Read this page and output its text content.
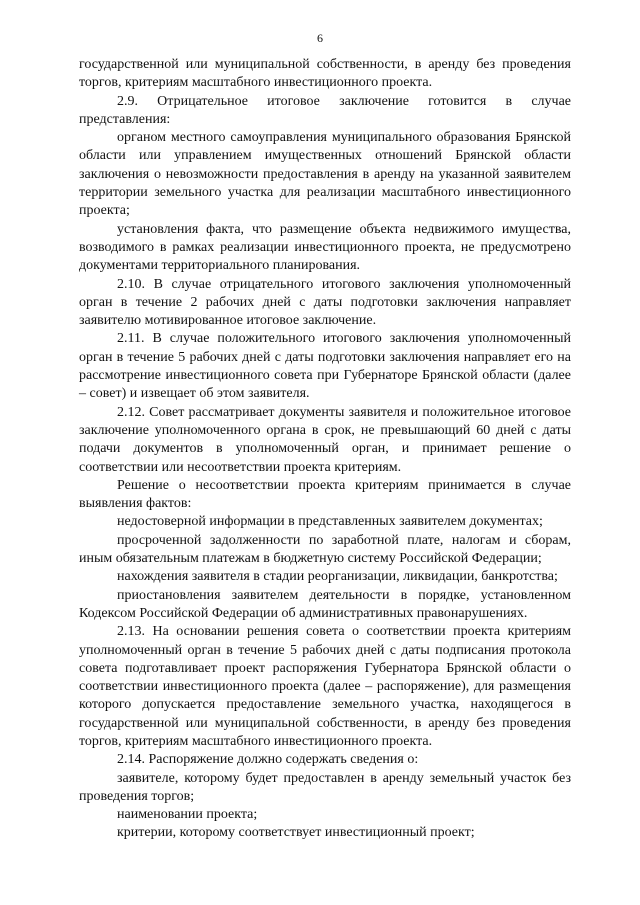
6

государственной или муниципальной собственности, в аренду без проведения торгов, критериям масштабного инвестиционного проекта.

2.9. Отрицательное итоговое заключение готовится в случае представления:

органом местного самоуправления муниципального образования Брянской области или управлением имущественных отношений Брянской области заключения о невозможности предоставления в аренду на указанной заявителем территории земельного участка для реализации масштабного инвестиционного проекта;

установления факта, что размещение объекта недвижимого имущества, возводимого в рамках реализации инвестиционного проекта, не предусмотрено документами территориального планирования.

2.10. В случае отрицательного итогового заключения уполномоченный орган в течение 2 рабочих дней с даты подготовки заключения направляет заявителю мотивированное итоговое заключение.

2.11. В случае положительного итогового заключения уполномоченный орган в течение 5 рабочих дней с даты подготовки заключения направляет его на рассмотрение инвестиционного совета при Губернаторе Брянской области (далее – совет) и извещает об этом заявителя.

2.12. Совет рассматривает документы заявителя и положительное итоговое заключение уполномоченного органа в срок, не превышающий 60 дней с даты подачи документов в уполномоченный орган, и принимает решение о соответствии или несоответствии проекта критериям.

Решение о несоответствии проекта критериям принимается в случае выявления фактов:

недостоверной информации в представленных заявителем документах;

просроченной задолженности по заработной плате, налогам и сборам, иным обязательным платежам в бюджетную систему Российской Федерации;

нахождения заявителя в стадии реорганизации, ликвидации, банкротства;

приостановления заявителем деятельности в порядке, установленном Кодексом Российской Федерации об административных правонарушениях.

2.13. На основании решения совета о соответствии проекта критериям уполномоченный орган в течение 5 рабочих дней с даты подписания протокола совета подготавливает проект распоряжения Губернатора Брянской области о соответствии инвестиционного проекта (далее – распоряжение), для размещения которого допускается предоставление земельного участка, находящегося в государственной или муниципальной собственности, в аренду без проведения торгов, критериям масштабного инвестиционного проекта.

2.14. Распоряжение должно содержать сведения о:

заявителе, которому будет предоставлен в аренду земельный участок без проведения торгов;

наименовании проекта;

критерии, которому соответствует инвестиционный проект;
